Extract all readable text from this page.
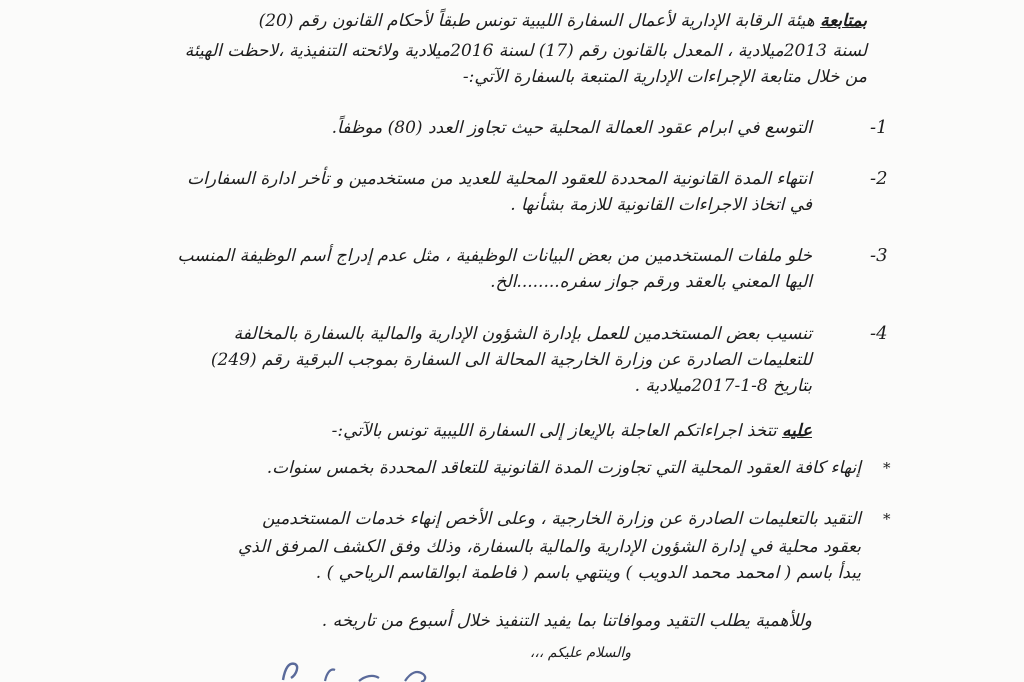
بمتابعة هيئة الرقابة الإدارية لأعمال السفارة الليبية تونس طبقاً لأحكام القانون رقم (20)
لسنة 2013ميلادية ، المعدل بالقانون رقم (17) لسنة 2016ميلادية ولائحته التنفيذية ،لاحظت الهيئة
من خلال متابعة الإجراءات الإدارية المتبعة بالسفارة الآتي:-
-1
التوسع في ابرام عقود العمالة المحلية حيث تجاوز العدد (80) موظفاً.
-2
انتهاء المدة القانونية المحددة للعقود المحلية للعديد من مستخدمين و تأخر ادارة السفارات
في اتخاذ الاجراءات القانونية للازمة بشأنها .
-3
خلو ملفات المستخدمين من بعض البيانات الوظيفية ، مثل عدم إدراج أسم الوظيفة المنسب
اليها المعني بالعقد ورقم جواز سفره........الخ.
-4
تنسيب بعض المستخدمين للعمل بإدارة الشؤون الإدارية والمالية بالسفارة بالمخالفة
للتعليمات الصادرة عن وزارة الخارجية المحالة الى السفارة بموجب البرقية رقم (249)
بتاريخ 8-1-2017ميلادية .
عليه تتخذ اجراءاتكم العاجلة بالإيعاز إلى السفارة الليبية تونس بالآتي:-
*
إنهاء كافة العقود المحلية التي تجاوزت المدة القانونية للتعاقد المحددة بخمس سنوات.
*
التقيد بالتعليمات الصادرة عن وزارة الخارجية ، وعلى الأخص إنهاء خدمات المستخدمين
بعقود محلية في إدارة الشؤون الإدارية والمالية بالسفارة، وذلك وفق الكشف المرفق الذي
يبدأ باسم ( امحمد محمد الدويب ) وينتهي باسم ( فاطمة ابوالقاسم الرياحي ) .
وللأهمية يطلب التقيد وموافاتنا بما يفيد التنفيذ خلال أسبوع من تاريخه .
والسلام عليكم ،،،
